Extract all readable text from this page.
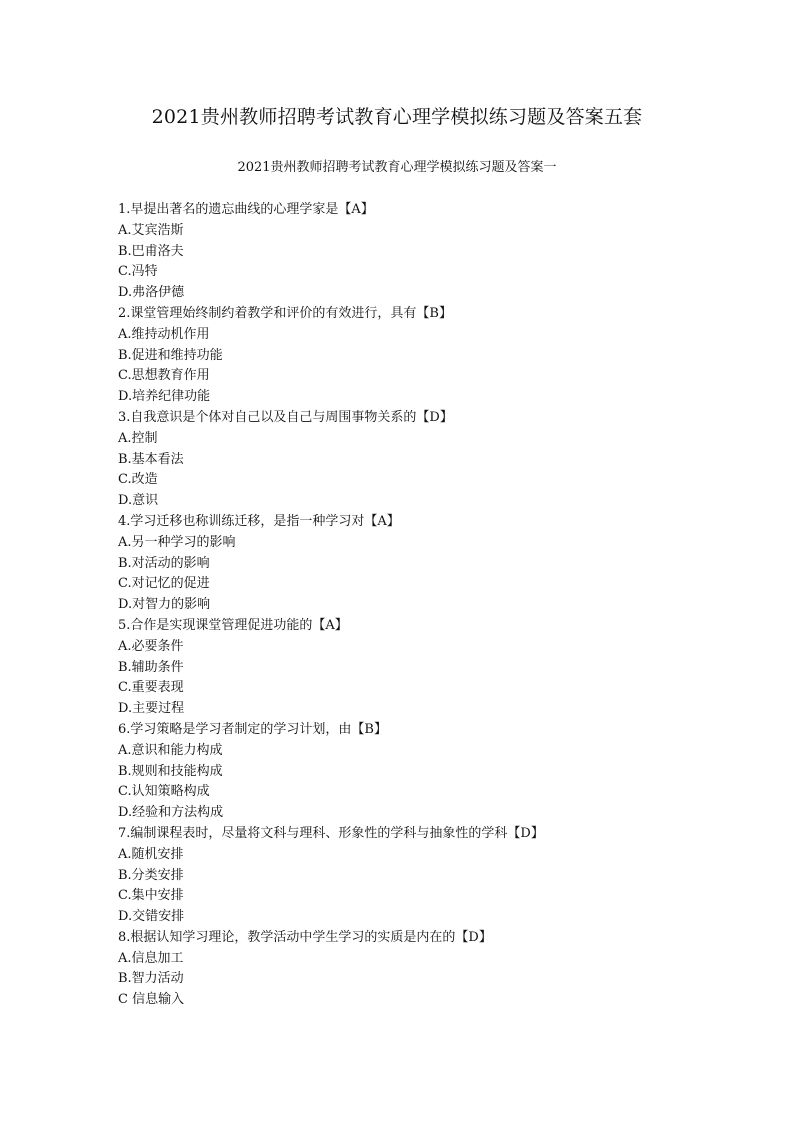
2021贵州教师招聘考试教育心理学模拟练习题及答案五套
2021贵州教师招聘考试教育心理学模拟练习题及答案一
1.早提出著名的遗忘曲线的心理学家是【A】
A.艾宾浩斯
B.巴甫洛夫
C.冯特
D.弗洛伊德
2.课堂管理始终制约着教学和评价的有效进行，具有【B】
A.维持动机作用
B.促进和维持功能
C.思想教育作用
D.培养纪律功能
3.自我意识是个体对自己以及自己与周围事物关系的【D】
A.控制
B.基本看法
C.改造
D.意识
4.学习迁移也称训练迁移，是指一种学习对【A】
A.另一种学习的影响
B.对活动的影响
C.对记忆的促进
D.对智力的影响
5.合作是实现课堂管理促进功能的【A】
A.必要条件
B.辅助条件
C.重要表现
D.主要过程
6.学习策略是学习者制定的学习计划，由【B】
A.意识和能力构成
B.规则和技能构成
C.认知策略构成
D.经验和方法构成
7.编制课程表时，尽量将文科与理科、形象性的学科与抽象性的学科【D】
A.随机安排
B.分类安排
C.集中安排
D.交错安排
8.根据认知学习理论，教学活动中学生学习的实质是内在的【D】
A.信息加工
B.智力活动
C 信息输入
